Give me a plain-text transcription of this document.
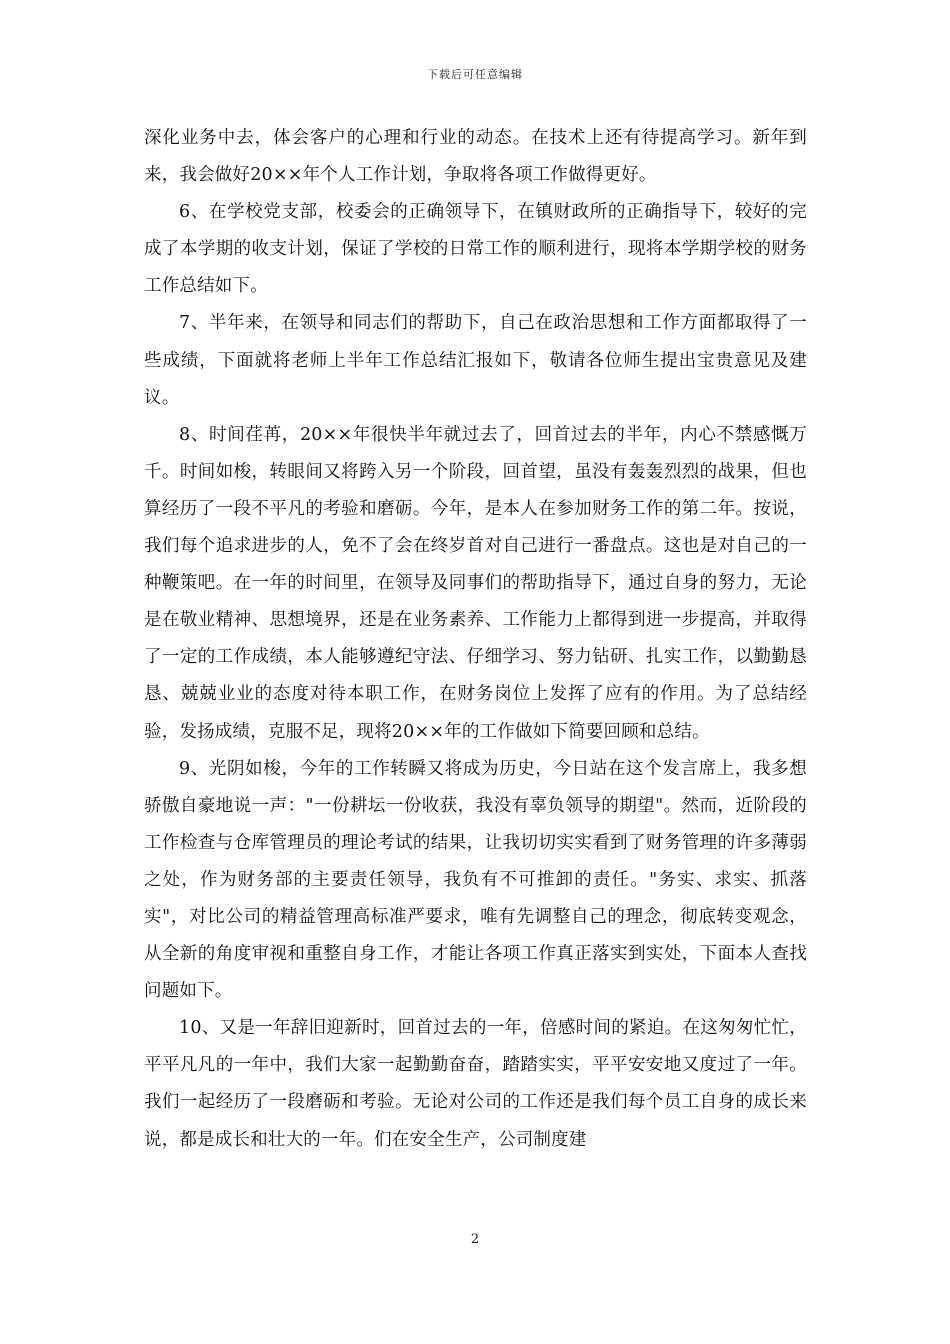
下载后可任意编辑

深化业务中去，体会客户的心理和行业的动态。在技术上还有待提高学习。新年到来，我会做好20××年个人工作计划，争取将各项工作做得更好。

6、在学校党支部，校委会的正确领导下，在镇财政所的正确指导下，较好的完成了本学期的收支计划，保证了学校的日常工作的顺利进行，现将本学期学校的财务工作总结如下。

7、半年来，在领导和同志们的帮助下，自己在政治思想和工作方面都取得了一些成绩，下面就将老师上半年工作总结汇报如下，敬请各位师生提出宝贵意见及建议。

8、时间荏苒，20××年很快半年就过去了，回首过去的半年，内心不禁感慨万千。时间如梭，转眼间又将跨入另一个阶段，回首望，虽没有轰轰烈烈的战果，但也算经历了一段不平凡的考验和磨砺。今年，是本人在参加财务工作的第二年。按说，我们每个追求进步的人，免不了会在终岁首对自己进行一番盘点。这也是对自己的一种鞭策吧。在一年的时间里，在领导及同事们的帮助指导下，通过自身的努力，无论是在敬业精神、思想境界，还是在业务素养、工作能力上都得到进一步提高，并取得了一定的工作成绩，本人能够遵纪守法、仔细学习、努力钻研、扎实工作，以勤勤恳恳、兢兢业业的态度对待本职工作，在财务岗位上发挥了应有的作用。为了总结经验，发扬成绩，克服不足，现将20××年的工作做如下简要回顾和总结。

9、光阴如梭，今年的工作转瞬又将成为历史，今日站在这个发言席上，我多想骄傲自豪地说一声："一份耕坛一份收获，我没有辜负领导的期望"。然而，近阶段的工作检查与仓库管理员的理论考试的结果，让我切切实实看到了财务管理的许多薄弱之处，作为财务部的主要责任领导，我负有不可推卸的责任。"务实、求实、抓落实"，对比公司的精益管理高标准严要求，唯有先调整自己的理念，彻底转变观念，从全新的角度审视和重整自身工作，才能让各项工作真正落实到实处，下面本人查找问题如下。

10、又是一年辞旧迎新时，回首过去的一年，倍感时间的紧迫。在这匆匆忙忙，平平凡凡的一年中，我们大家一起勤勤奋奋，踏踏实实，平平安安地又度过了一年。我们一起经历了一段磨砺和考验。无论对公司的工作还是我们每个员工自身的成长来说，都是成长和壮大的一年。们在安全生产，公司制度建

2
